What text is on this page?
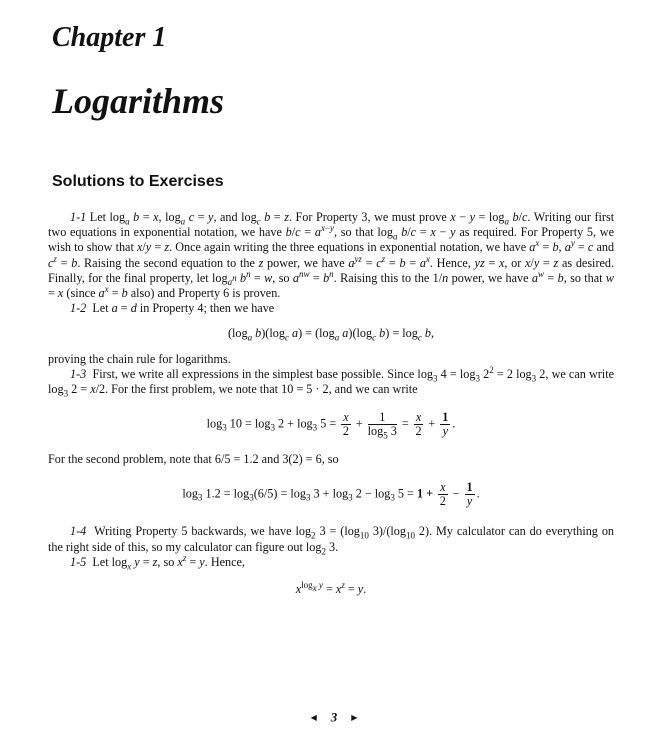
Chapter 1
Logarithms
Solutions to Exercises

1-1 Let $\log_a b = x$, $\log_a c = y$, and $\log_c b = z$. For Property 3, we must prove $x - y = \log_a b/c$. Writing our first two equations in exponential notation, we have $b/c = a^{x-y}$, so that $\log_a b/c = x - y$ as required. For Property 5, we wish to show that x/y = z. Once again writing the three equations in exponential notation, we have $a^x = b$, $a^y = c$ and $c^z = b$. Raising the second equation to the z power, we have $a^{yz} = c^z = b = a^x$. Hence, yz = x, or x/y = z as desired. Finally, for the final property, let $\log_{a^n} b^n = w$, so $a^{nw} = b^n$. Raising this to the 1/n power, we have $a^w = b$, so that w = x (since $a^x = b$ also) and Property 6 is proven.

1-2  Let a = d in Property 4; then we have

($\log_a$ $b)(\log_c$ $a) = (\log_a$ $a)(\log_c$ $b) = \log_c b$,

proving the chain rule for logarithms.

1-3  First, we write all expressions in the simplest base possible. Since $\log_3 4 = \log_3 2^2 = 2$ $\log_3 2$, we can write $\log_3 2 = x/2$. For the first problem, we note that 10 = 5 · 2, and we can write

$\log_3 10 = \log_3 2 + \log_3 5 = \frac{x}{2} + \frac{1}{\log_5 3} = \frac{x}{2} + \frac{1}{y}$ .

For the second problem, note that 6/5 = 1.2 and 3(2) = 6, so

$\log_3 1.2 = \log_3(6/5) = \log_3 3 + \log_3 2 - \log_3 5 = 1 + \frac{x}{2} - \frac{1}{y}$ .

1-4  Writing Property 5 backwards, we have $\log_2 3 = (\log_{10}$ $3)/(\log_{10}$ 2). My calculator can do everything on the right side of this, so my calculator can figure out $\log_2 3$.

1-5  Let $\log_x y = z$, so $x^z = y$. Hence,

$x^{log_x y} = x^z = y$.
◀ 3 ▶
